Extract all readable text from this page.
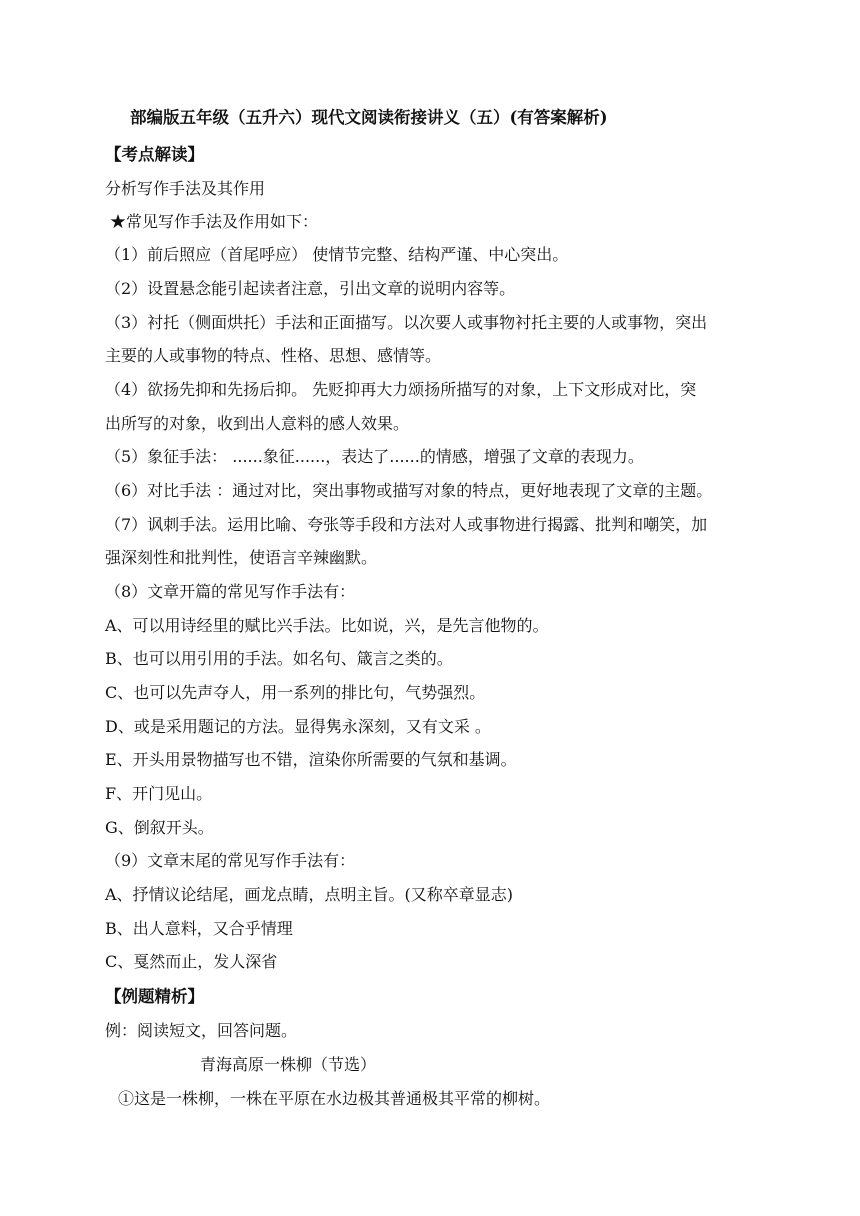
部编版五年级（五升六）现代文阅读衔接讲义（五）(有答案解析)
【考点解读】
分析写作手法及其作用
★常见写作手法及作用如下：
（1）前后照应（首尾呼应） 使情节完整、结构严谨、中心突出。
（2）设置悬念能引起读者注意，引出文章的说明内容等。
（3）衬托（侧面烘托）手法和正面描写。以次要人或事物衬托主要的人或事物，突出
主要的人或事物的特点、性格、思想、感情等。
（4）欲扬先抑和先扬后抑。 先贬抑再大力颂扬所描写的对象，上下文形成对比，突
出所写的对象，收到出人意料的感人效果。
（5）象征手法： ......象征......，表达了......的情感，增强了文章的表现力。
（6）对比手法 ：通过对比，突出事物或描写对象的特点，更好地表现了文章的主题。
（7）讽刺手法。运用比喻、夸张等手段和方法对人或事物进行揭露、批判和嘲笑，加
强深刻性和批判性，使语言辛辣幽默。
（8）文章开篇的常见写作手法有：
A、可以用诗经里的赋比兴手法。比如说，兴，是先言他物的。
B、也可以用引用的手法。如名句、箴言之类的。
C、也可以先声夺人，用一系列的排比句，气势强烈。
D、或是采用题记的方法。显得隽永深刻，又有文采 。
E、开头用景物描写也不错，渲染你所需要的气氛和基调。
F、开门见山。
G、倒叙开头。
（9）文章末尾的常见写作手法有：
A、抒情议论结尾，画龙点睛，点明主旨。(又称卒章显志)
B、出人意料，又合乎情理
C、戛然而止，发人深省
【例题精析】
例：阅读短文，回答问题。
青海高原一株柳（节选）
①这是一株柳，一株在平原在水边极其普通极其平常的柳树。
